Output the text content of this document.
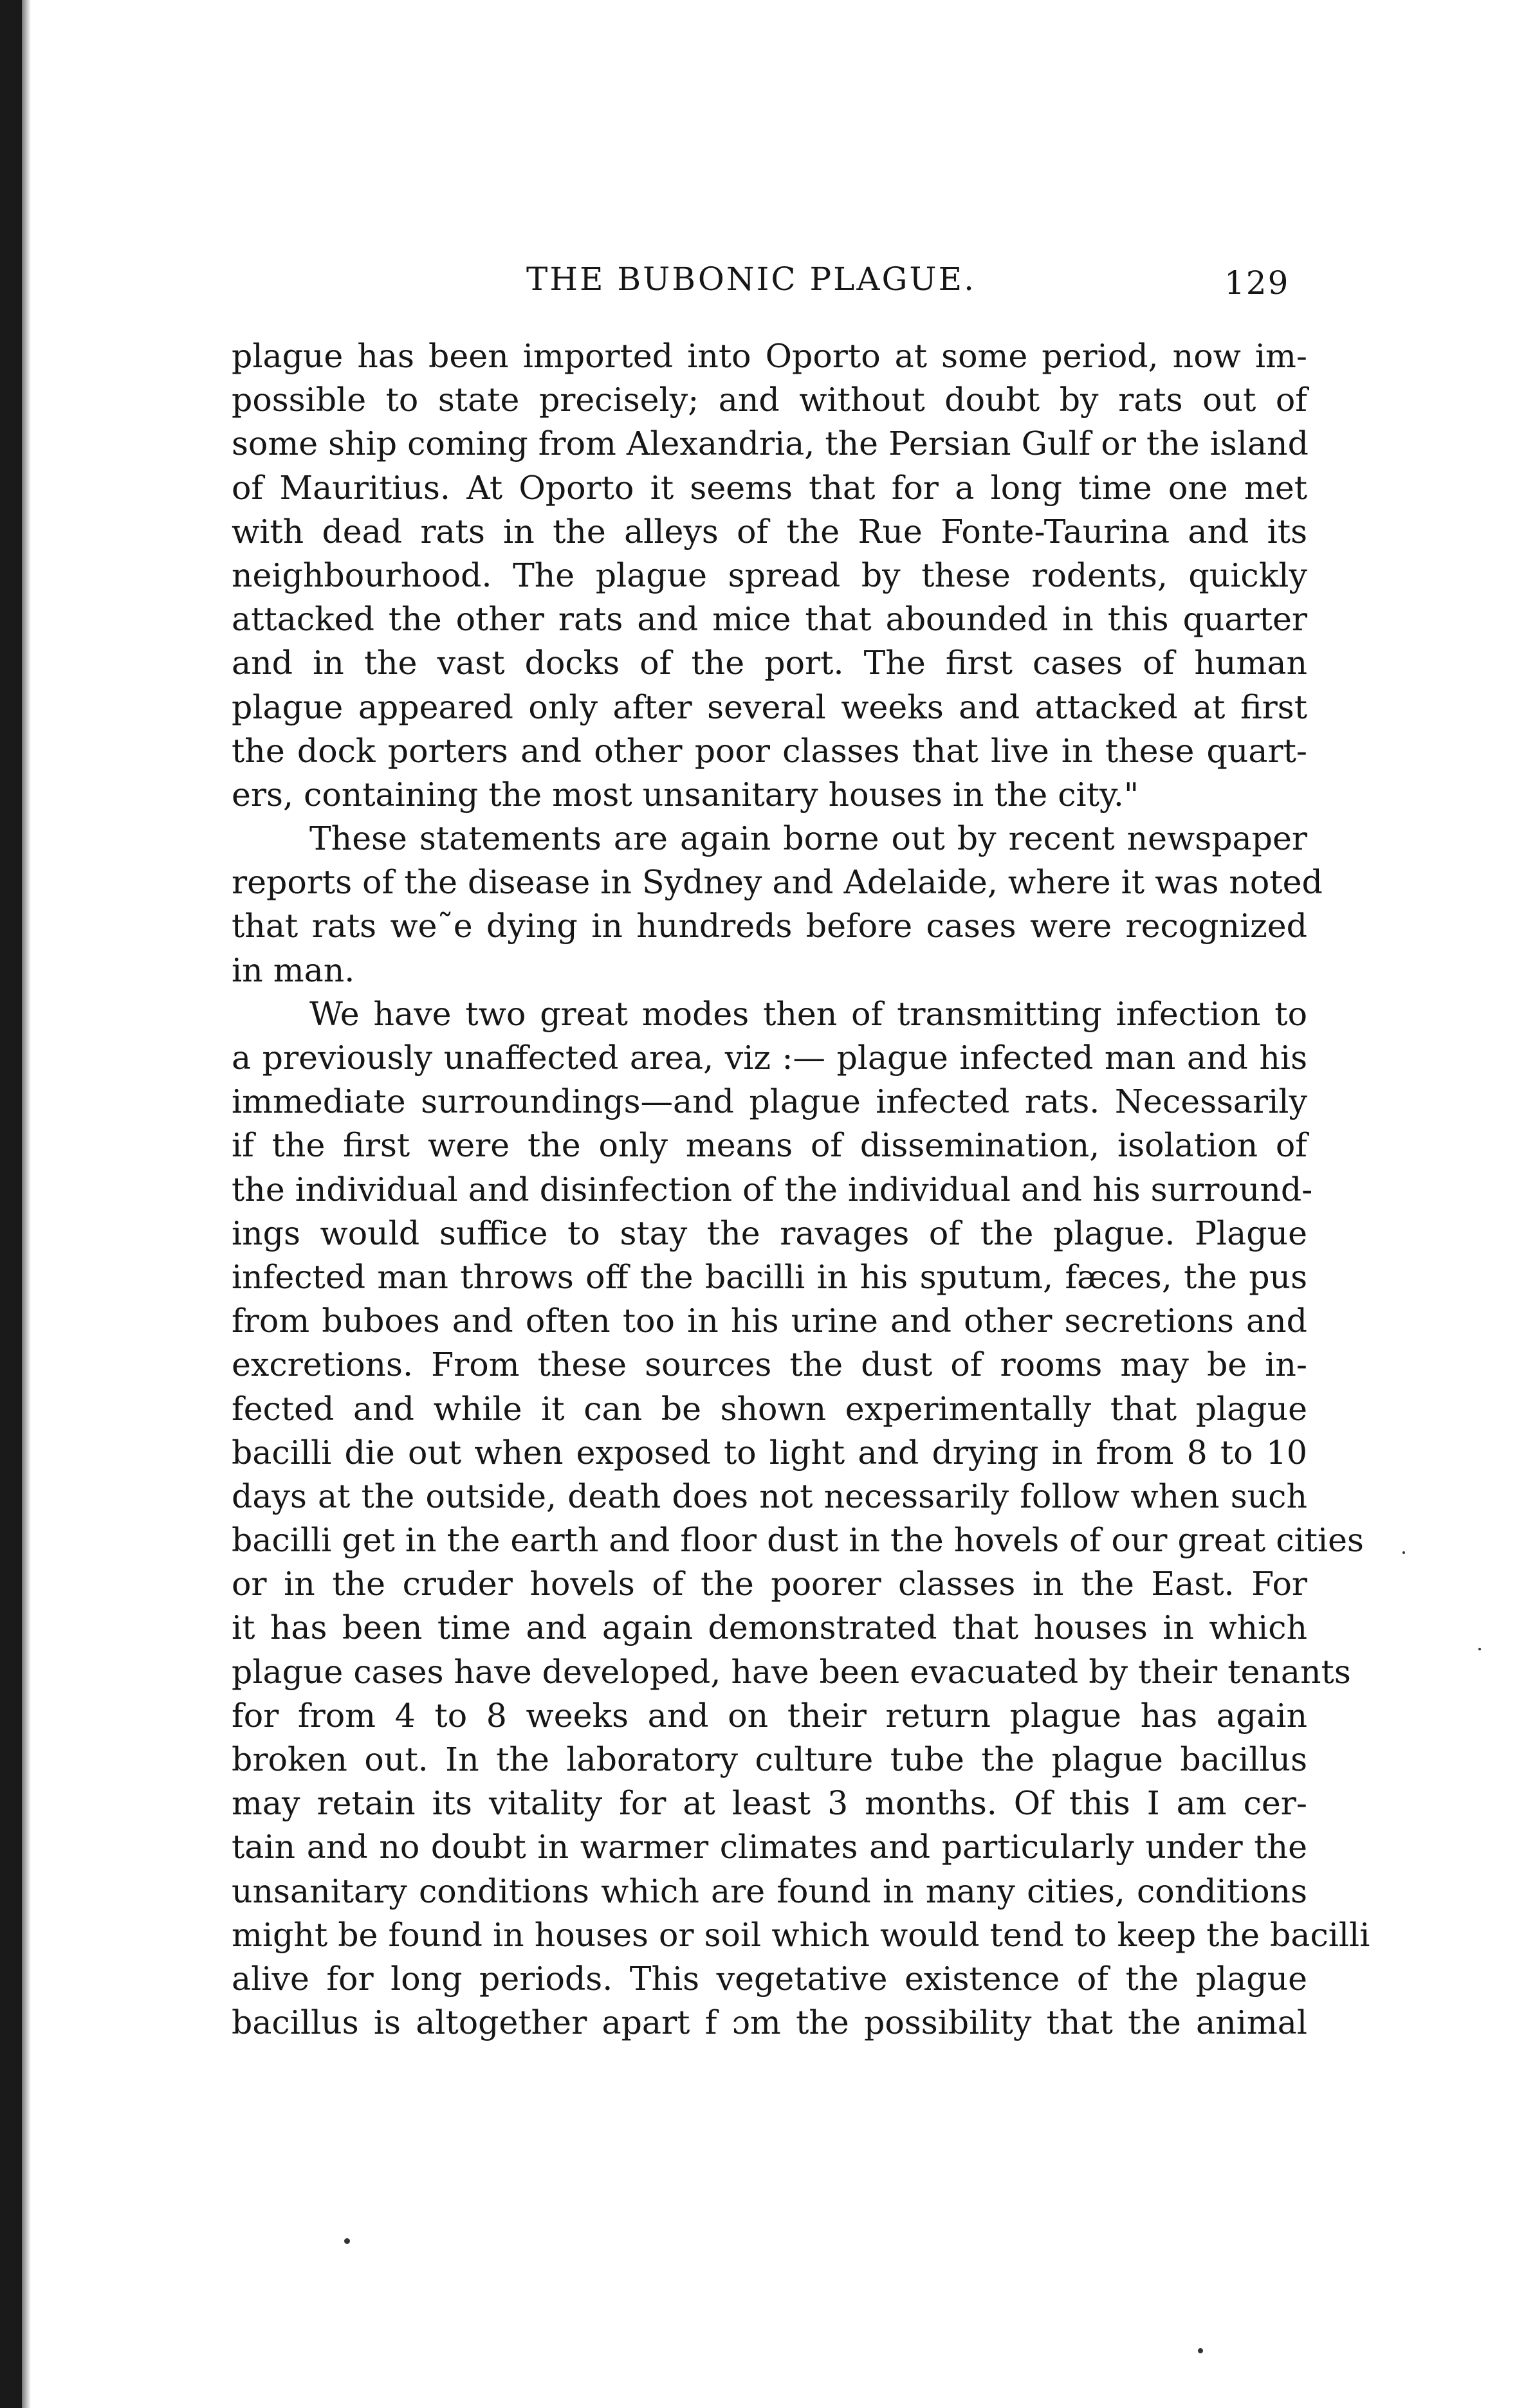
THE BUBONIC PLAGUE.	129
plague has been imported into Oporto at some period, now im-
possible to state precisely; and without doubt by rats out of
some ship coming from Alexandria, the Persian Gulf or the island
of Mauritius. At Oporto it seems that for a long time one met
with dead rats in the alleys of the Rue Fonte-Taurina and its
neighbourhood. The plague spread by these rodents, quickly
attacked the other rats and mice that abounded in this quarter
and in the vast docks of the port. The first cases of human
plague appeared only after several weeks and attacked at first
the dock porters and other poor classes that live in these quart-
ers, containing the most unsanitary houses in the city."
These statements are again borne out by recent newspaper
reports of the disease in Sydney and Adelaide, where it was noted
that rats we˜e dying in hundreds before cases were recognized
in man.
We have two great modes then of transmitting infection to
a previously unaffected area, viz :— plague infected man and his
immediate surroundings—and plague infected rats. Necessarily
if the first were the only means of dissemination, isolation of
the individual and disinfection of the individual and his surround-
ings would suffice to stay the ravages of the plague. Plague
infected man throws off the bacilli in his sputum, fæces, the pus
from buboes and often too in his urine and other secretions and
excretions. From these sources the dust of rooms may be in-
fected and while it can be shown experimentally that plague
bacilli die out when exposed to light and drying in from 8 to 10
days at the outside, death does not necessarily follow when such
bacilli get in the earth and floor dust in the hovels of our great cities
or in the cruder hovels of the poorer classes in the East. For
it has been time and again demonstrated that houses in which
plague cases have developed, have been evacuated by their tenants
for from 4 to 8 weeks and on their return plague has again
broken out. In the laboratory culture tube the plague bacillus
may retain its vitality for at least 3 months. Of this I am cer-
tain and no doubt in warmer climates and particularly under the
unsanitary conditions which are found in many cities, conditions
might be found in houses or soil which would tend to keep the bacilli
alive for long periods. This vegetative existence of the plague
bacillus is altogether apart f ɔm the possibility that the animal
